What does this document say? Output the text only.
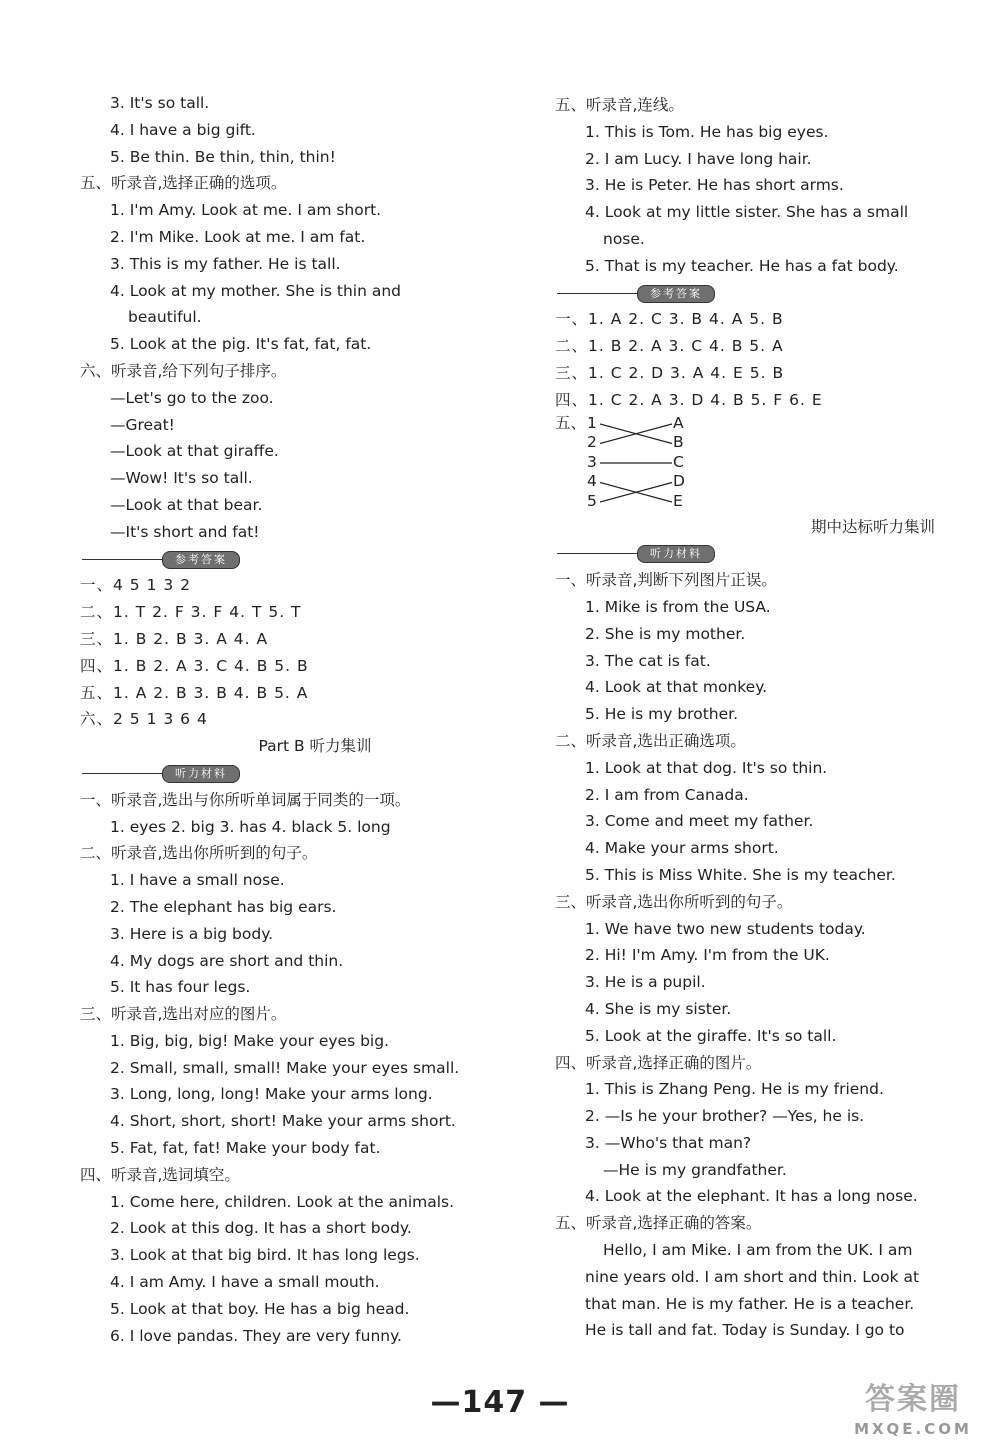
3. It's so tall.
4. I have a big gift.
5. Be thin. Be thin, thin, thin!
五、听录音,选择正确的选项。
1. I'm Amy. Look at me. I am short.
2. I'm Mike. Look at me. I am fat.
3. This is my father. He is tall.
4. Look at my mother. She is thin and
beautiful.
5. Look at the pig. It's fat, fat, fat.
六、听录音,给下列句子排序。
—Let's go to the zoo.
—Great!
—Look at that giraffe.
—Wow! It's so tall.
—Look at that bear.
—It's short and fat!
参考答案
一、4 5 1 3 2
二、1. T 2. F 3. F 4. T 5. T
三、1. B 2. B 3. A 4. A
四、1. B 2. A 3. C 4. B 5. B
五、1. A 2. B 3. B 4. B 5. A
六、2 5 1 3 6 4
Part B 听力集训
听力材料
一、听录音,选出与你所听单词属于同类的一项。
1. eyes 2. big 3. has 4. black 5. long
二、听录音,选出你所听到的句子。
1. I have a small nose.
2. The elephant has big ears.
3. Here is a big body.
4. My dogs are short and thin.
5. It has four legs.
三、听录音,选出对应的图片。
1. Big, big, big! Make your eyes big.
2. Small, small, small! Make your eyes small.
3. Long, long, long! Make your arms long.
4. Short, short, short! Make your arms short.
5. Fat, fat, fat! Make your body fat.
四、听录音,选词填空。
1. Come here, children. Look at the animals.
2. Look at this dog. It has a short body.
3. Look at that big bird. It has long legs.
4. I am Amy. I have a small mouth.
5. Look at that boy. He has a big head.
6. I love pandas. They are very funny.
五、听录音,连线。
1. This is Tom. He has big eyes.
2. I am Lucy. I have long hair.
3. He is Peter. He has short arms.
4. Look at my little sister. She has a small
nose.
5. That is my teacher. He has a fat body.
参考答案
一、1. A 2. C 3. B 4. A 5. B
二、1. B 2. A 3. C 4. B 5. A
三、1. C 2. D 3. A 4. E 5. B
四、1. C 2. A 3. D 4. B 5. F 6. E
五、 1
2
3
4
5
A
B
C
D
E
期中达标听力集训
听力材料
一、听录音,判断下列图片正误。
1. Mike is from the USA.
2. She is my mother.
3. The cat is fat.
4. Look at that monkey.
5. He is my brother.
二、听录音,选出正确选项。
1. Look at that dog. It's so thin.
2. I am from Canada.
3. Come and meet my father.
4. Make your arms short.
5. This is Miss White. She is my teacher.
三、听录音,选出你所听到的句子。
1. We have two new students today.
2. Hi! I'm Amy. I'm from the UK.
3. He is a pupil.
4. She is my sister.
5. Look at the giraffe. It's so tall.
四、听录音,选择正确的图片。
1. This is Zhang Peng. He is my friend.
2. —Is he your brother? —Yes, he is.
3. —Who's that man?
—He is my grandfather.
4. Look at the elephant. It has a long nose.
五、听录音,选择正确的答案。
Hello, I am Mike. I am from the UK. I am
nine years old. I am short and thin. Look at
that man. He is my father. He is a teacher.
He is tall and fat. Today is Sunday. I go to
—147 —	答案圈
MXQE.COM
